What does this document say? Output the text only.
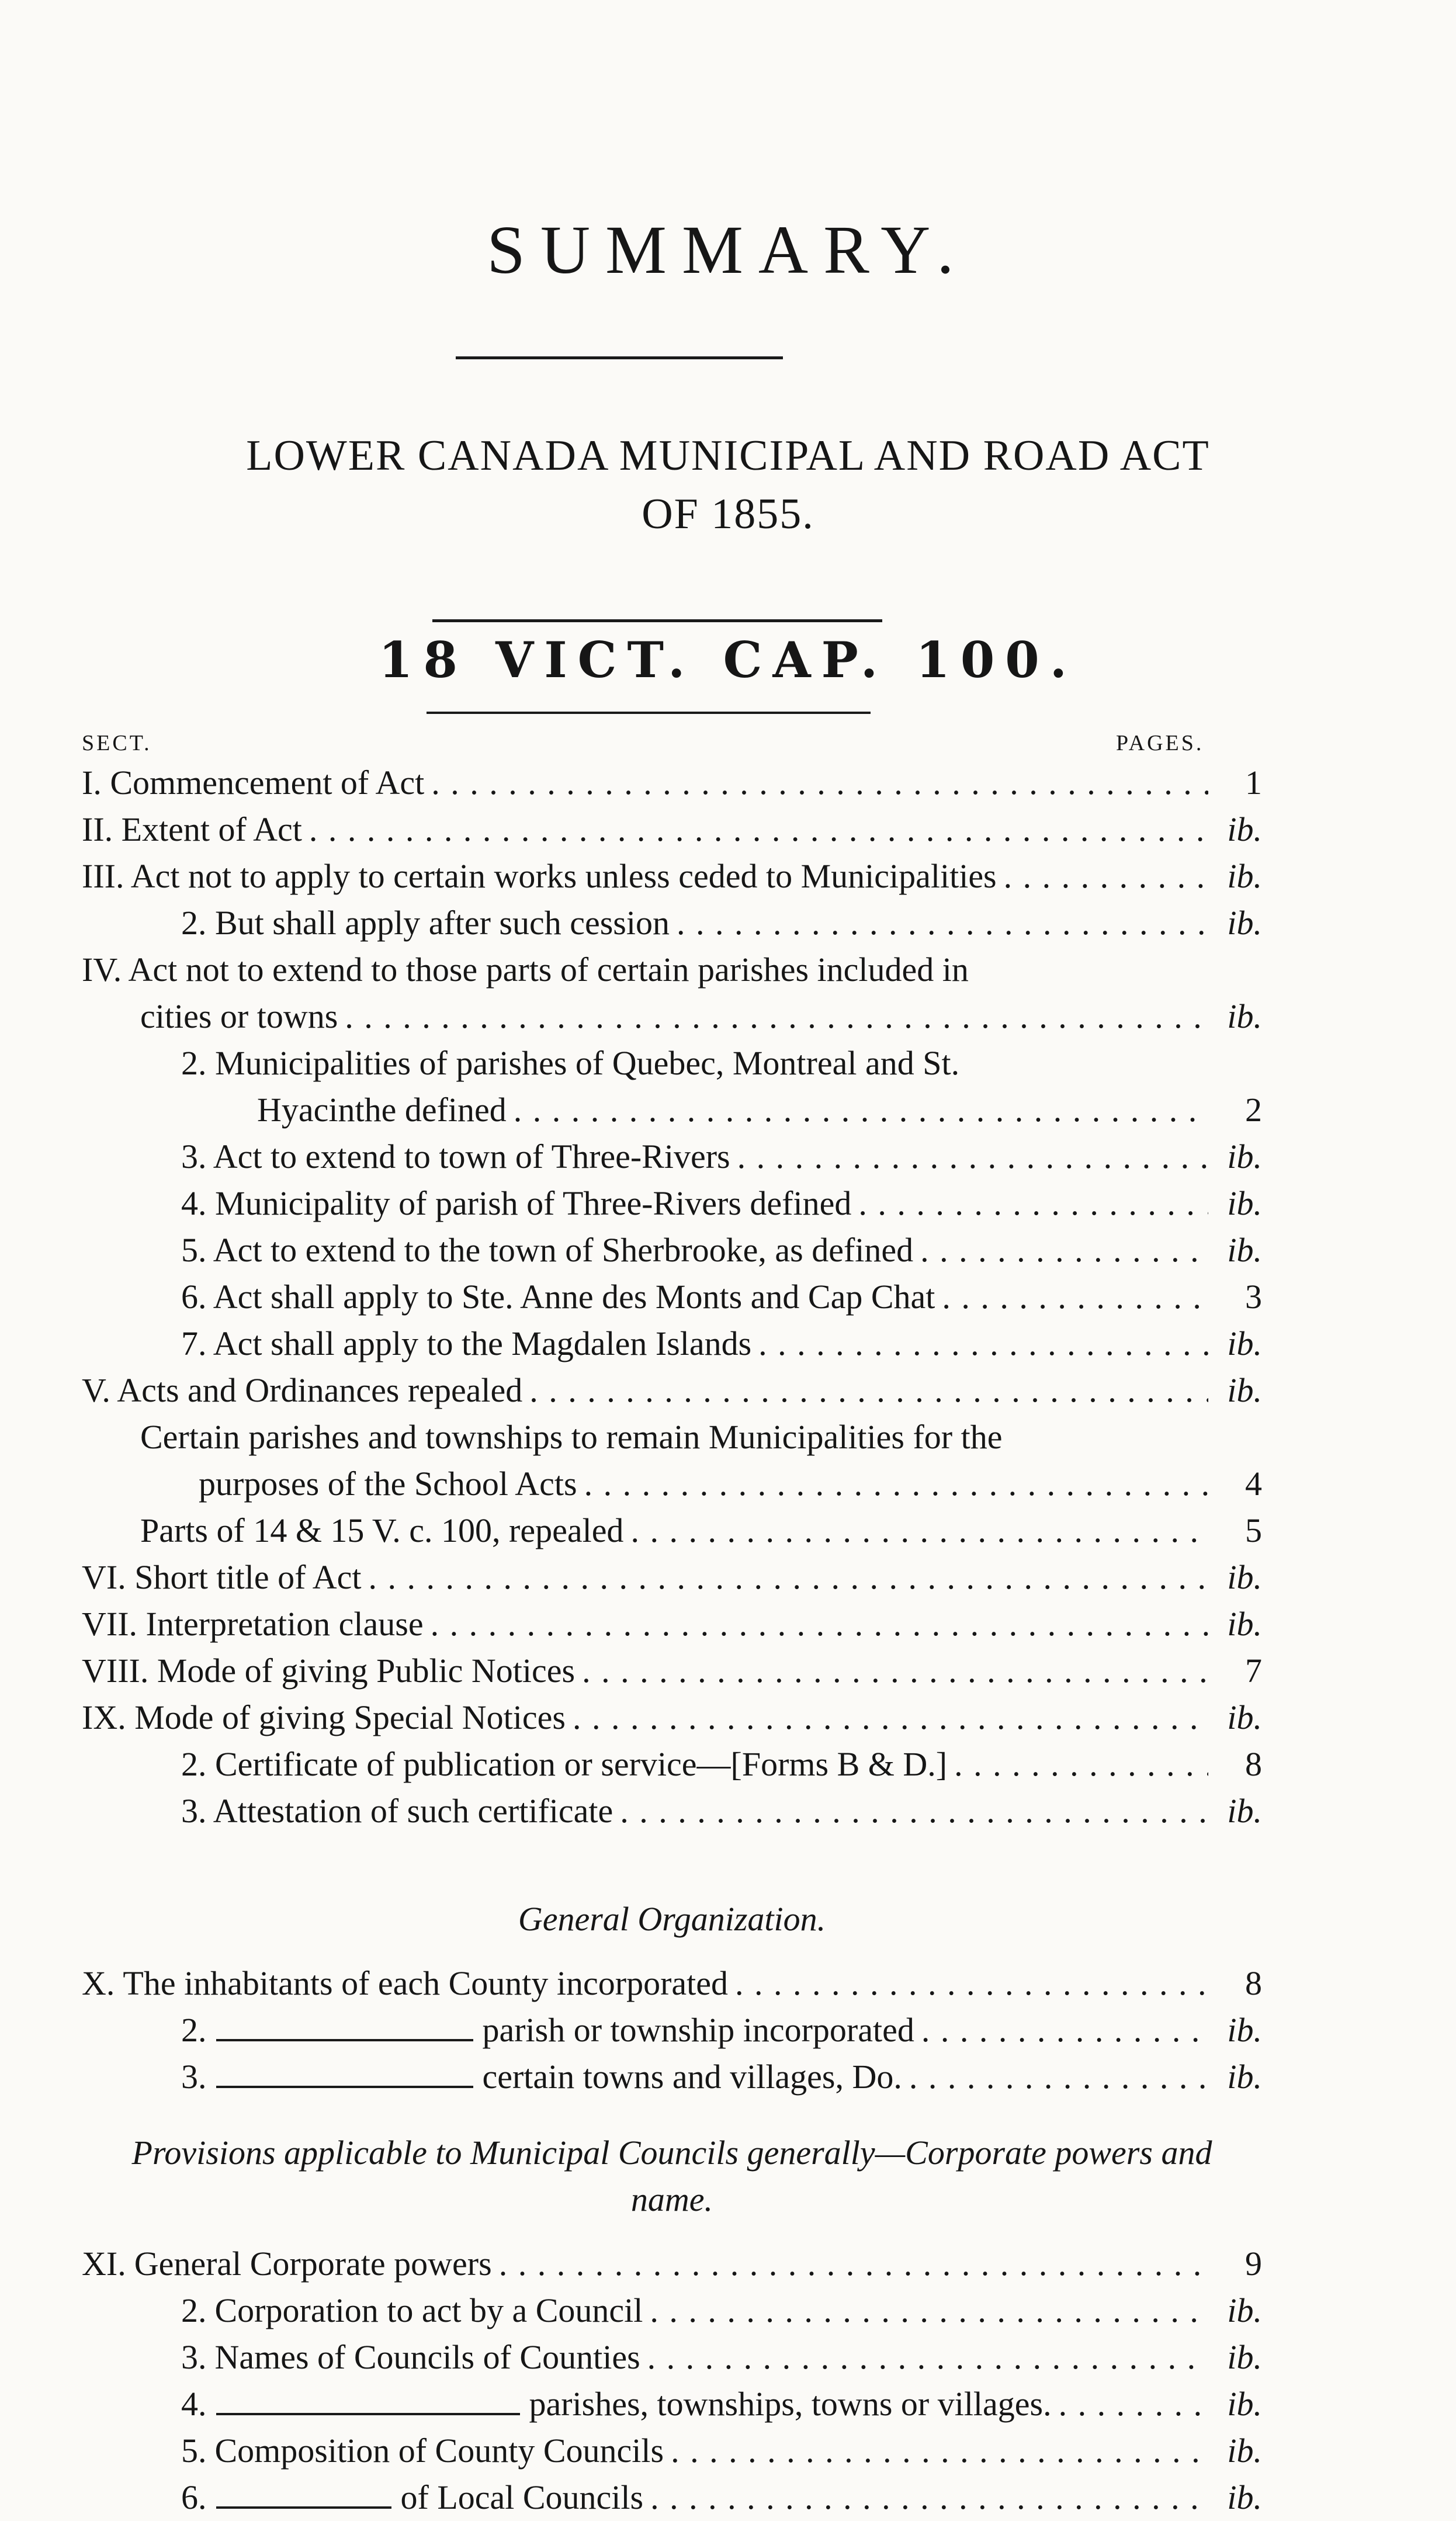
SUMMARY.
LOWER CANADA MUNICIPAL AND ROAD ACT
OF 1855.
18 VICT. CAP. 100.
SECT.	PAGES.
I. Commencement of Act . . .	1
II. Extent of Act . . .	ib.
III. Act not to apply to certain works unless ceded to Municipalities . . .	ib.
2. But shall apply after such cession . . .	ib.
IV. Act not to extend to those parts of certain parishes included in
cities or towns . . .	ib.
2. Municipalities of parishes of Quebec, Montreal and St.
Hyacinthe defined . . .	2
3. Act to extend to town of Three-Rivers . . .	ib.
4. Municipality of parish of Three-Rivers defined . . .	ib.
5. Act to extend to the town of Sherbrooke, as defined . . .	ib.
6. Act shall apply to Ste. Anne des Monts and Cap Chat . . .	3
7. Act shall apply to the Magdalen Islands . . .	ib.
V. Acts and Ordinances repealed . . .	ib.
Certain parishes and townships to remain Municipalities for the
purposes of the School Acts . . .	4
Parts of 14 & 15 V. c. 100, repealed . . .	5
VI. Short title of Act . . .	ib.
VII. Interpretation clause . . .	ib.
VIII. Mode of giving Public Notices . . .	7
IX. Mode of giving Special Notices . . .	ib.
2. Certificate of publication or service—[Forms B & D.] . . .	8
3. Attestation of such certificate . . .	ib.
General Organization.
X. The inhabitants of each County incorporated . . .	8
2.	parish or township incorporated . . .	ib.
3.	certain towns and villages, Do. . . .	ib.
Provisions applicable to Municipal Councils generally—Corporate powers and
name.
XI. General Corporate powers . . .	9
2. Corporation to act by a Council . . .	ib.
3. Names of Councils of Counties . . .	ib.
4.	parishes, townships, towns or villages. . . .	ib.
5. Composition of County Councils . . .	ib.
6.	of Local Councils . . .	ib.
